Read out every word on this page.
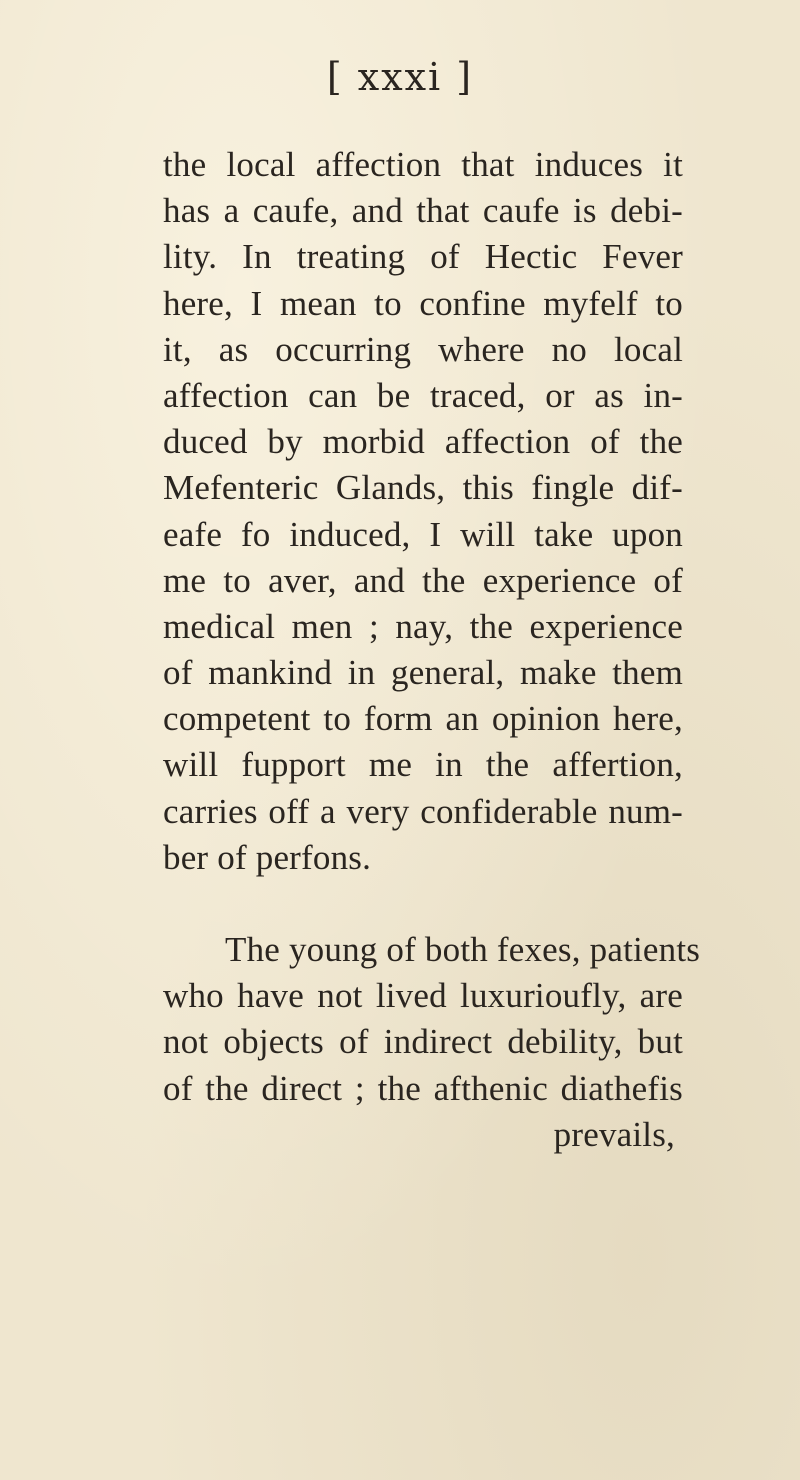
[ xxxi ]
the local affection that induces it
has a caufe, and that caufe is debi-
lity. In treating of Hectic Fever
here, I mean to confine myfelf to
it, as occurring where no local
affection can be traced, or as in-
duced by morbid affection of the
Mefenteric Glands, this fingle dif-
eafe fo induced, I will take upon
me to aver, and the experience of
medical men ; nay, the experience
of mankind in general, make them
competent to form an opinion here,
will fupport me in the affertion,
carries off a very confiderable num-
ber of perfons.
The young of both fexes, patients
who have not lived luxurioufly, are
not objects of indirect debility, but
of the direct ; the afthenic diathefis
prevails,
